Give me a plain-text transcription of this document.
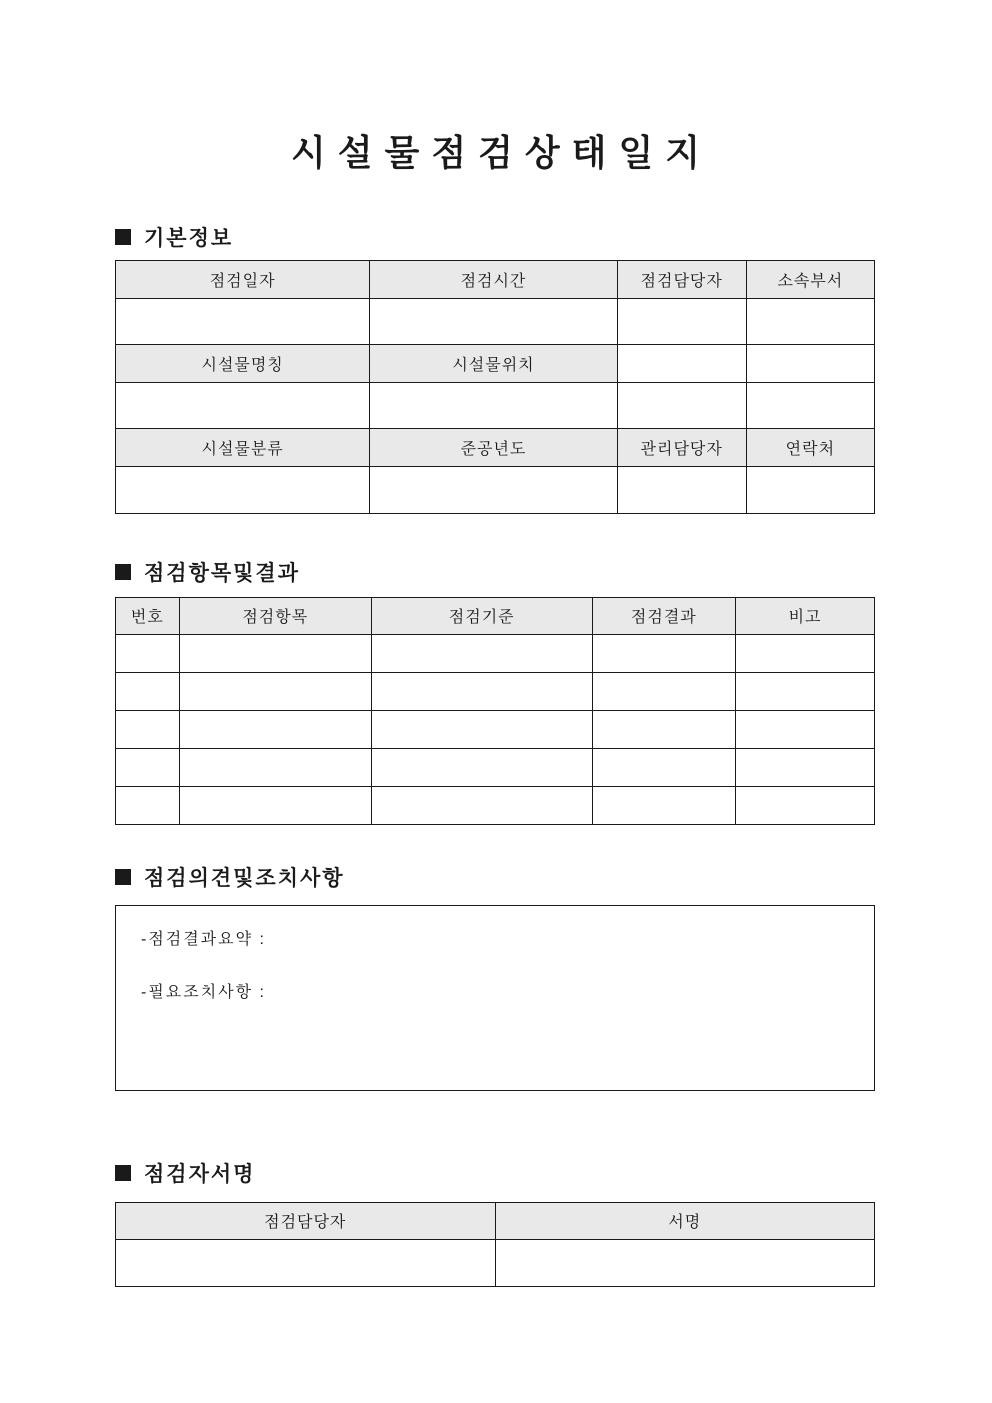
시 설 물 점 검 상 태 일 지
기본정보
점검일자	점검시간	점검담당자	소속부서

시설물명칭	시설물위치		

시설물분류	준공년도	관리담당자	연락처

점검항목및결과
번호	점검항목	점검기준	점검결과	비고

점검의견및조치사항
-점검결과요약 :
-필요조치사항 :
점검자서명
점검담당자	서명
